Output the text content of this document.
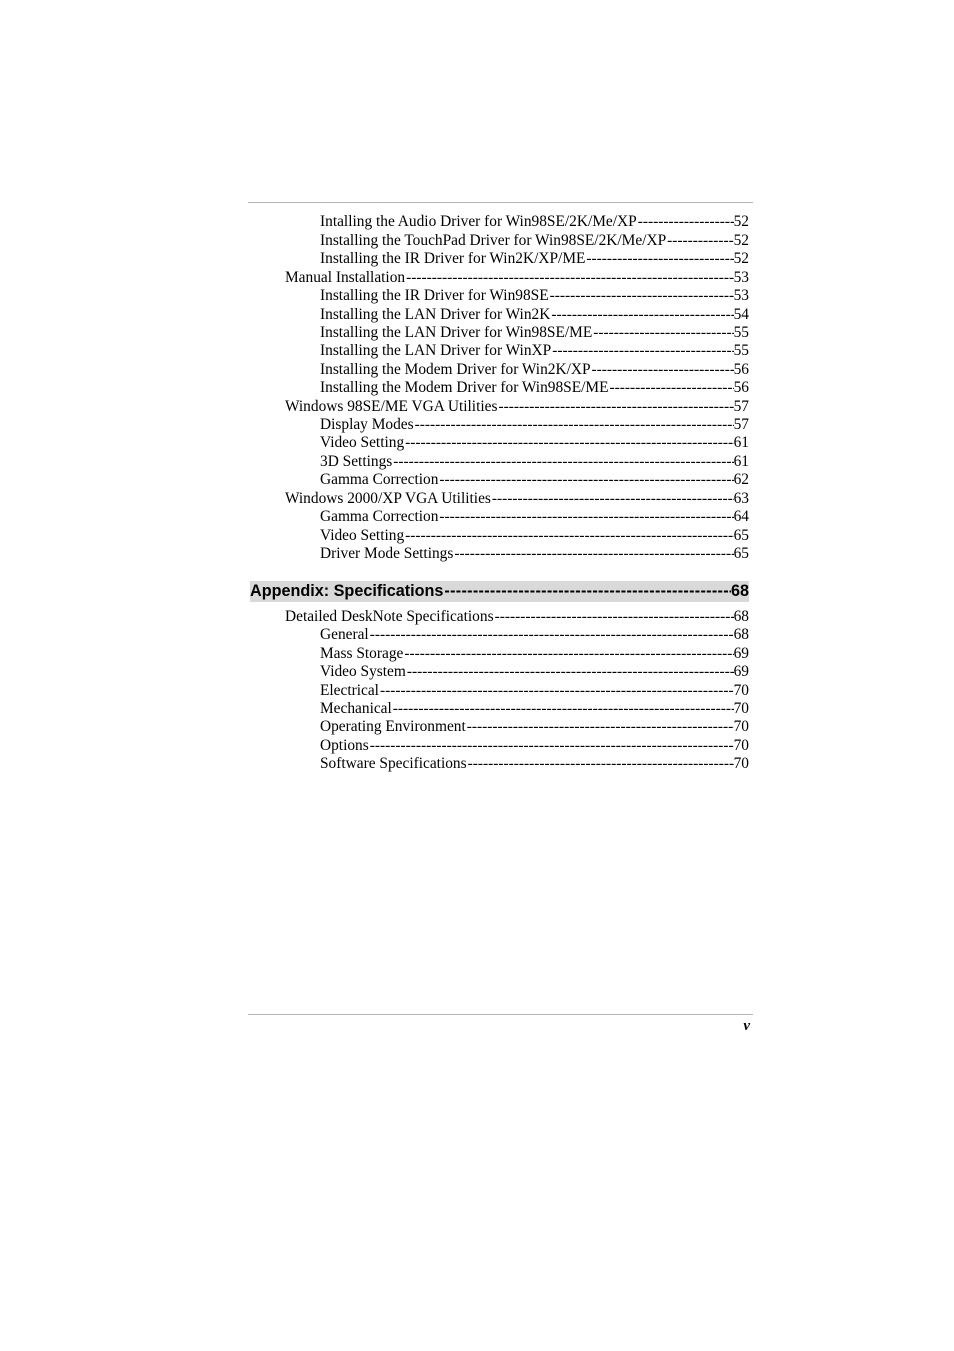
Intalling the Audio Driver for Win98SE/2K/Me/XP -----	52
Installing the TouchPad Driver for Win98SE/2K/Me/XP -----	52
Installing the IR Driver for Win2K/XP/ME -----	52
Manual Installation -----	53
Installing the IR Driver for Win98SE -----	53
Installing the LAN Driver for Win2K -----	54
Installing the LAN Driver for Win98SE/ME -----	55
Installing the LAN Driver for WinXP -----	55
Installing the Modem Driver for Win2K/XP -----	56
Installing the Modem Driver for Win98SE/ME -----	56
Windows 98SE/ME VGA Utilities -----	57
Display Modes -----	57
Video Setting -----	61
3D Settings -----	61
Gamma Correction -----	62
Windows 2000/XP VGA Utilities -----	63
Gamma Correction -----	64
Video Setting -----	65
Driver Mode Settings -----	65
Appendix: Specifications -----	68
Detailed DeskNote Specifications -----	68
General -----	68
Mass Storage -----	69
Video System -----	69
Electrical -----	70
Mechanical -----	70
Operating Environment -----	70
Options -----	70
Software Specifications -----	70
v
